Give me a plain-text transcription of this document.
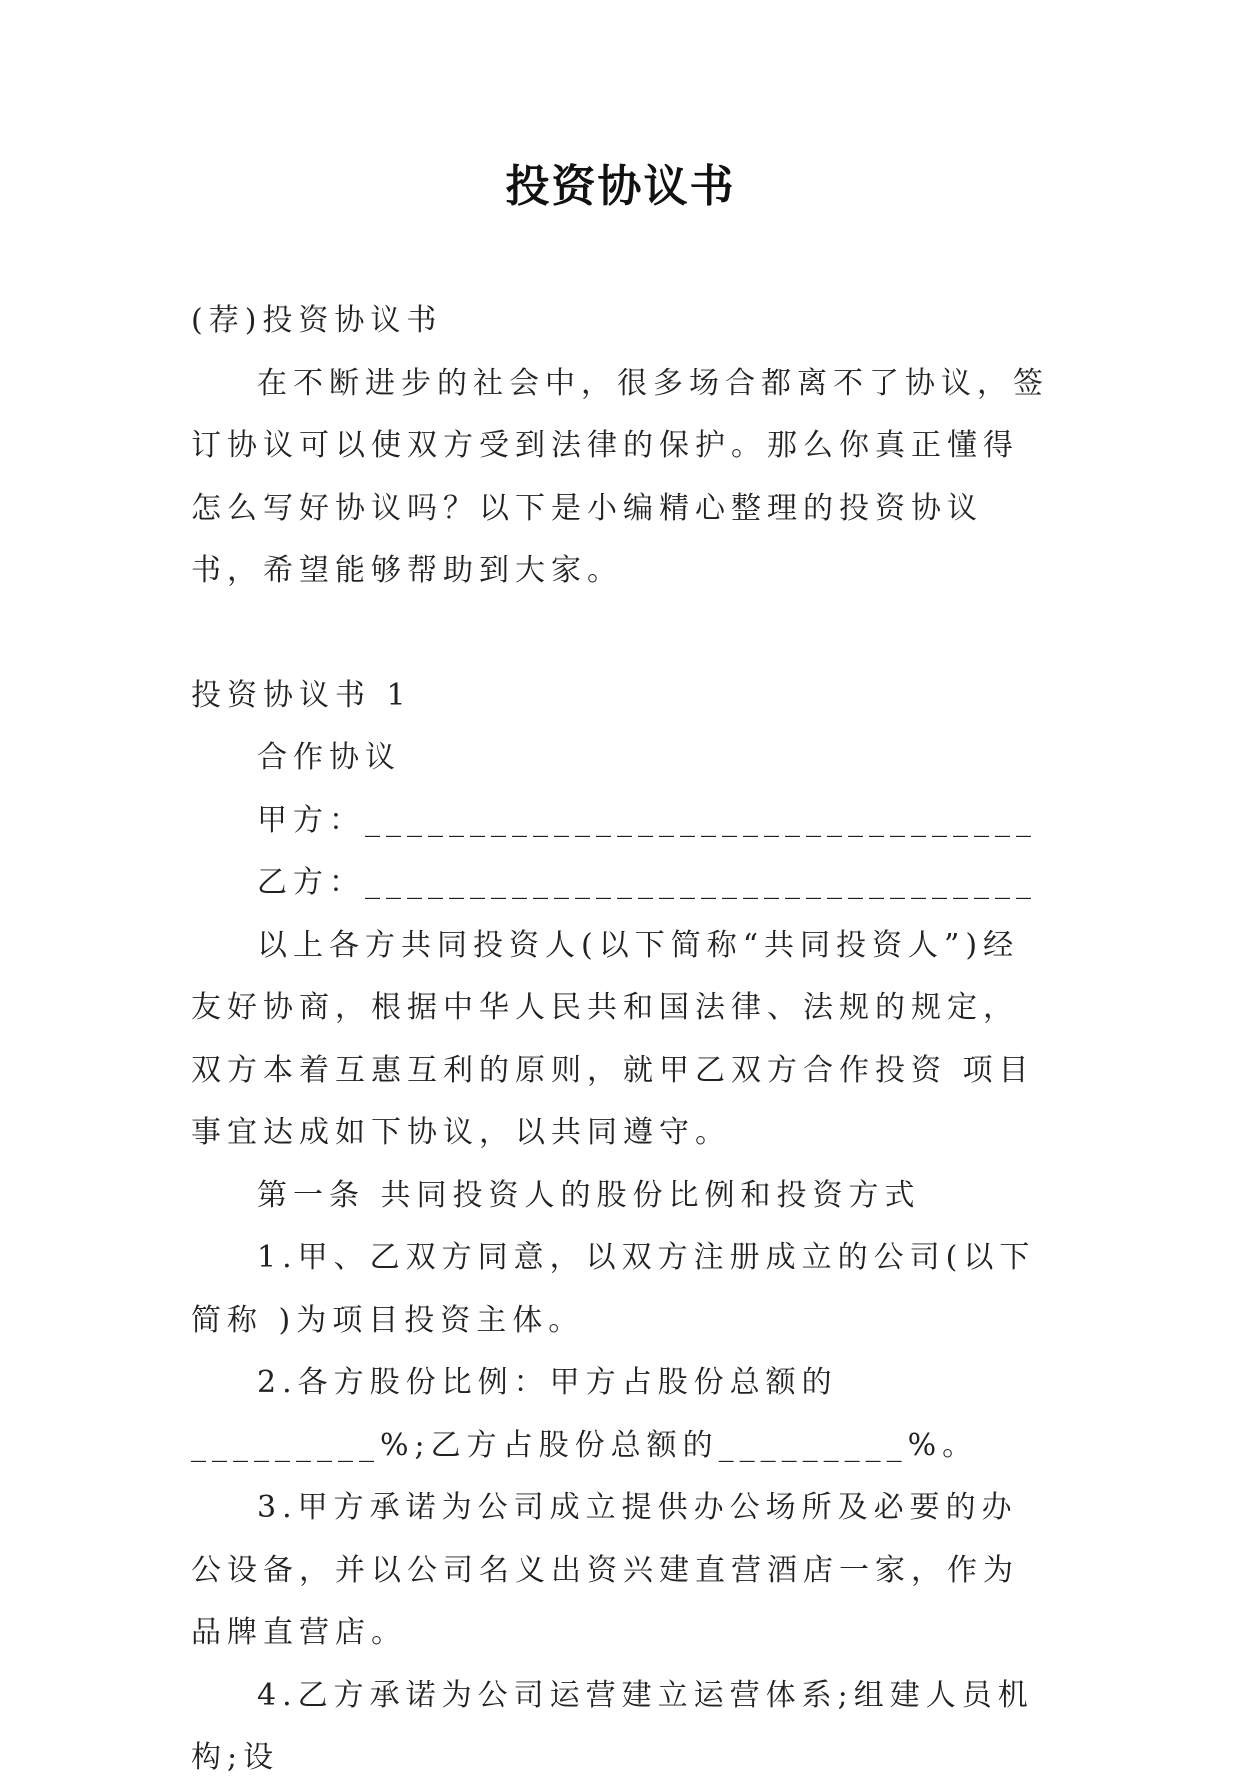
投资协议书

(荐)投资协议书

在不断进步的社会中，很多场合都离不了协议，签订协议可以使双方受到法律的保护。那么你真正懂得怎么写好协议吗？以下是小编精心整理的投资协议书，希望能够帮助到大家。

投资协议书 1

合作协议

甲方：________________________________

乙方：________________________________

以上各方共同投资人(以下简称“共同投资人”)经友好协商，根据中华人民共和国法律、法规的规定，双方本着互惠互利的原则，就甲乙双方合作投资 项目事宜达成如下协议，以共同遵守。

第一条 共同投资人的股份比例和投资方式

1.甲、乙双方同意，以双方注册成立的公司(以下简称 )为项目投资主体。

2.各方股份比例：甲方占股份总额的_________%;乙方占股份总额的_________%。

3.甲方承诺为公司成立提供办公场所及必要的办公设备，并以公司名义出资兴建直营酒店一家，作为品牌直营店。

4.乙方承诺为公司运营建立运营体系;组建人员机构;设
